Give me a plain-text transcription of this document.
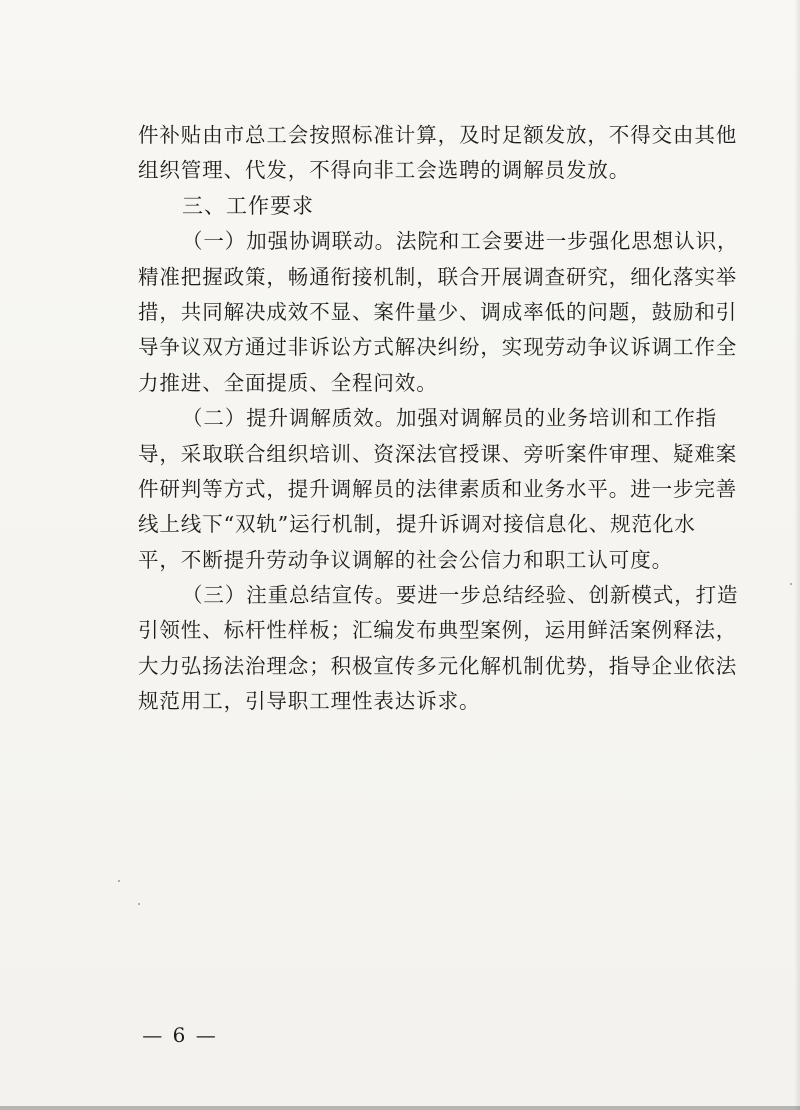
件补贴由市总工会按照标准计算，及时足额发放，不得交由其他
组织管理、代发，不得向非工会选聘的调解员发放。
三、工作要求
（一）加强协调联动。法院和工会要进一步强化思想认识，
精准把握政策，畅通衔接机制，联合开展调查研究，细化落实举
措，共同解决成效不显、案件量少、调成率低的问题，鼓励和引
导争议双方通过非诉讼方式解决纠纷，实现劳动争议诉调工作全
力推进、全面提质、全程问效。
（二）提升调解质效。加强对调解员的业务培训和工作指
导，采取联合组织培训、资深法官授课、旁听案件审理、疑难案
件研判等方式，提升调解员的法律素质和业务水平。进一步完善
线上线下“双轨”运行机制，提升诉调对接信息化、规范化水
平，不断提升劳动争议调解的社会公信力和职工认可度。
（三）注重总结宣传。要进一步总结经验、创新模式，打造
引领性、标杆性样板；汇编发布典型案例，运用鲜活案例释法，
大力弘扬法治理念；积极宣传多元化解机制优势，指导企业依法
规范用工，引导职工理性表达诉求。
— 6 —
